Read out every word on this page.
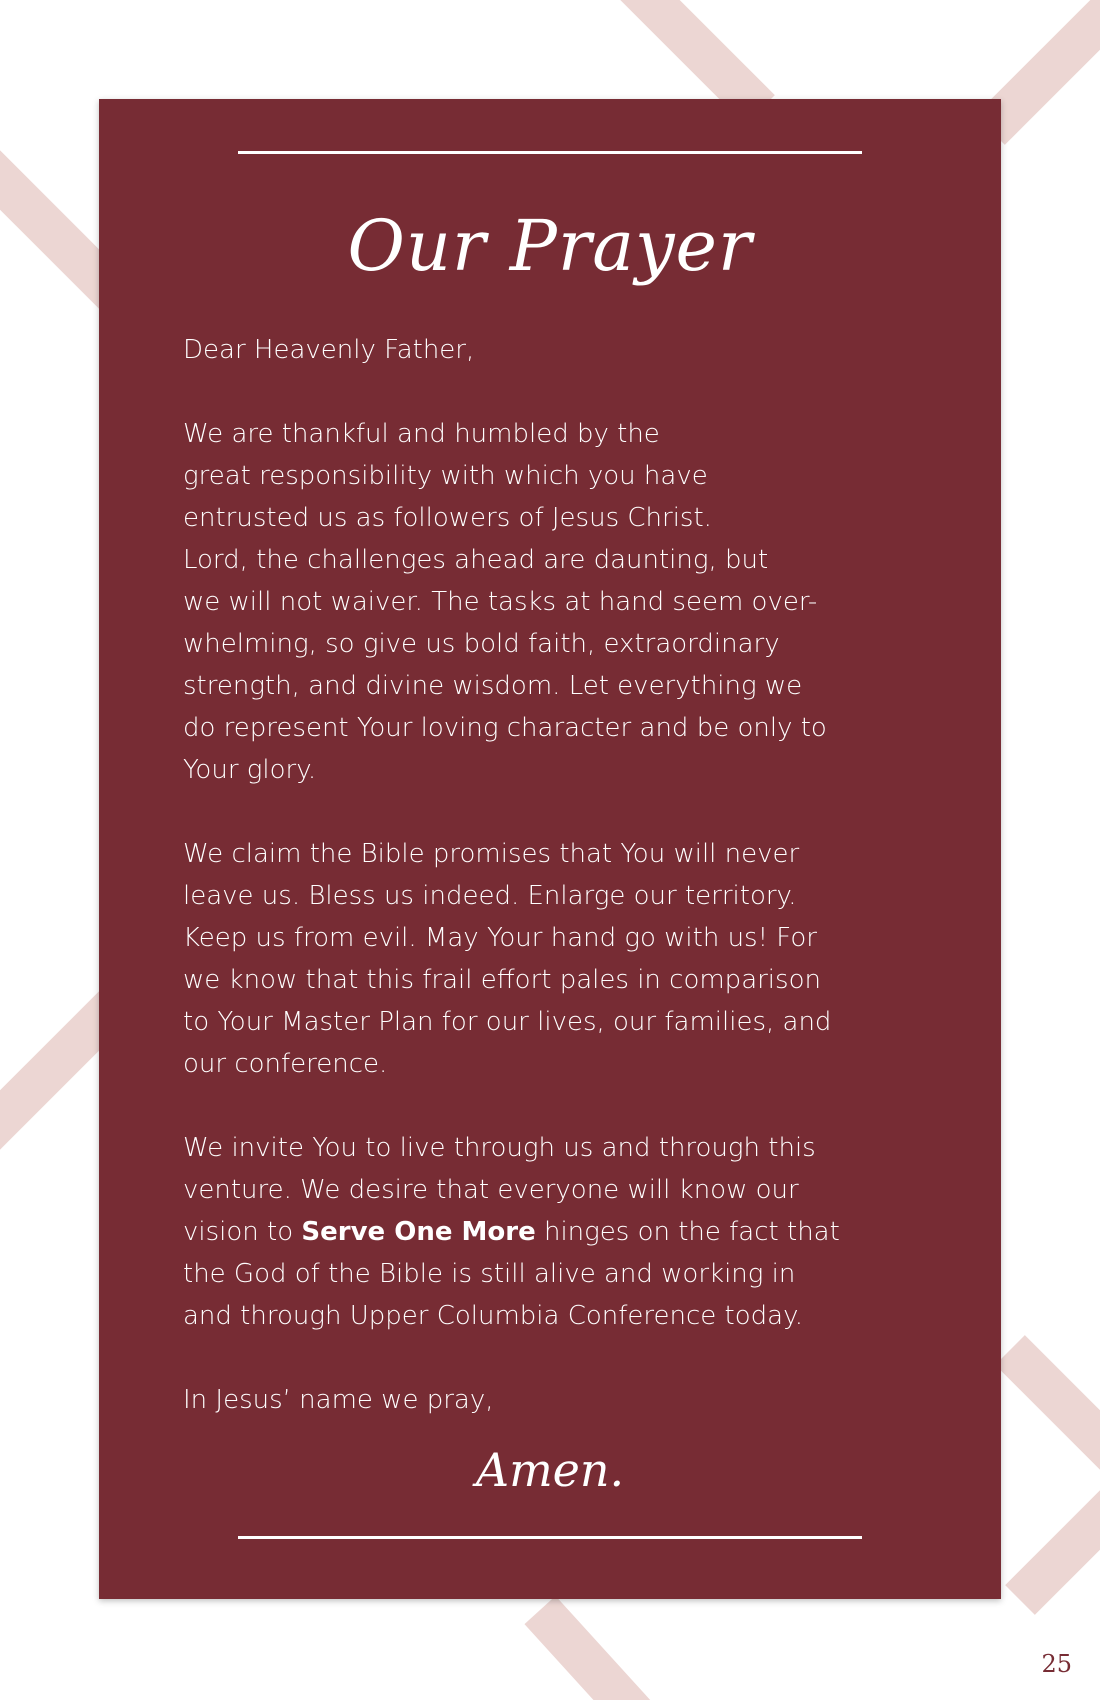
Our Prayer

Dear Heavenly Father,

We are thankful and humbled by the
great responsibility with which you have
entrusted us as followers of Jesus Christ.
Lord, the challenges ahead are daunting, but
we will not waiver. The tasks at hand seem over-
whelming, so give us bold faith, extraordinary
strength, and divine wisdom. Let everything we
do represent Your loving character and be only to
Your glory.

We claim the Bible promises that You will never
leave us. Bless us indeed. Enlarge our territory.
Keep us from evil. May Your hand go with us! For
we know that this frail effort pales in comparison
to Your Master Plan for our lives, our families, and
our conference.

We invite You to live through us and through this
venture. We desire that everyone will know our
vision to Serve One More hinges on the fact that
the God of the Bible is still alive and working in
and through Upper Columbia Conference today.

In Jesus’ name we pray,

Amen.
25
